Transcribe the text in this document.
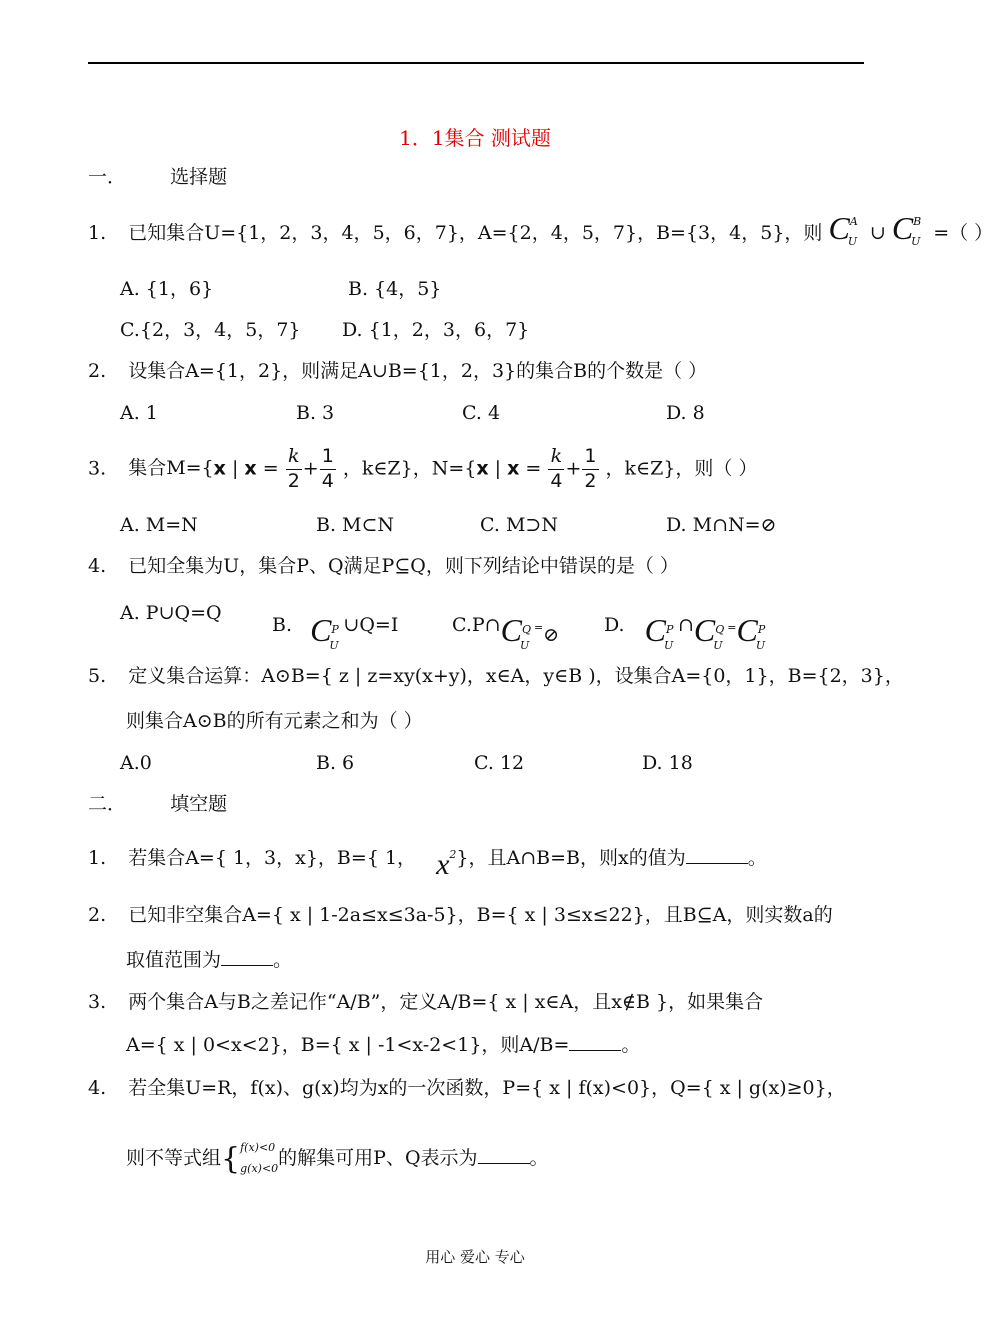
1．1集合 测试题
一． 选择题
1. 已知集合U={1，2，3，4，5，6，7}，A={2，4，5，7}，B={3，4，5}，则 C A
U ∪ C B
U =（ ）
A. {1，6}	B. {4，5}
C.{2，3，4，5，7} D. {1，2，3，6，7}
2. 设集合A={1，2}，则满足A∪B={1，2，3}的集合B的个数是（ ）
A. 1	B. 3	C. 4	D. 8
3. 集合M={x | $x = \frac{k}{2} + \frac{1}{4}$ ，k∈Z}，N={x | $x = \frac{k}{4} + \frac{1}{2}$ ，k∈Z}，则（ ）
A. M=N	B. M⊂N	C. M⊃N	D. M∩N=⊘
4. 已知全集为U，集合P、Q满足P⊆Q，则下列结论中错误的是（ ）
A. P∪Q=Q
B. C P
U
∪Q=I	C.P∩C Q
U
=⊘ D. C P
U
∩C Q
U
=C P
U
5. 定义集合运算：A⊙B={ z | z=xy(x+y)，x∈A，y∈B )，设集合A={0，1}，B={2，3}，
则集合A⊙B的所有元素之和为（ ）
A.0	B. 6	C. 12	D. 18
二． 填空题
1. 若集合A={ 1，3，x}，B={ 1， $x^2$}，且A∩B=B，则x的值为	。
2. 已知非空集合A={ x | 1-2a≤x≤3a-5}，B={ x | 3≤x≤22}，且B⊆A，则实数a的
取值范围为	。
3. 两个集合A与B之差记作“A/B”，定义A/B={ x | x∈A，且x∉B }，如果集合
A={ x | 0<x<2}，B={ x | -1<x-2<1}，则A/B=	。
4. 若全集U=R，f(x)、g(x)均为x的一次函数，P={ x | f(x)<0}，Q={ x | g(x)≥0}，
则不等式组{ f(x)<0
g(x)<0 的解集可用P、Q表示为	。
用心 爱心 专心
